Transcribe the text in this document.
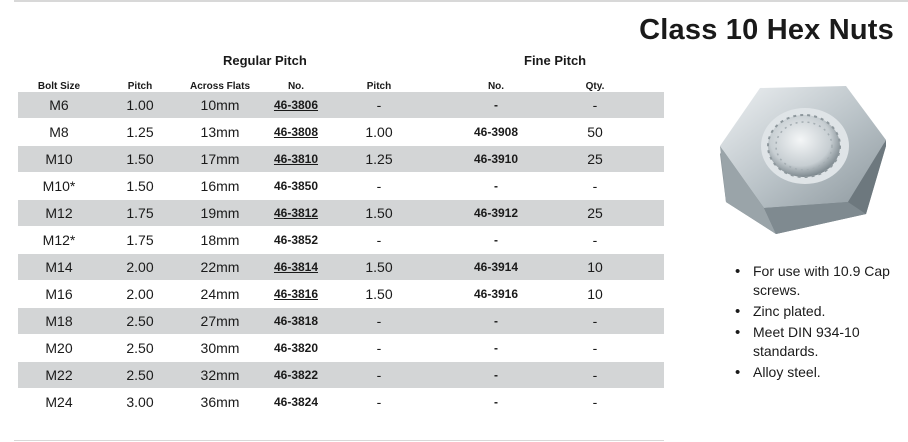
Class 10 Hex Nuts
Regular Pitch	Fine Pitch
Bolt Size	Pitch	Across Flats	No.	Pitch	No.	Qty.
M6	1.00	10mm	46-3806	-	-	-
M8	1.25	13mm	46-3808	1.00	46-3908	50
M10	1.50	17mm	46-3810	1.25	46-3910	25
M10*	1.50	16mm	46-3850	-	-	-
M12	1.75	19mm	46-3812	1.50	46-3912	25
M12*	1.75	18mm	46-3852	-	-	-
M14	2.00	22mm	46-3814	1.50	46-3914	10
M16	2.00	24mm	46-3816	1.50	46-3916	10
M18	2.50	27mm	46-3818	-	-	-
M20	2.50	30mm	46-3820	-	-	-
M22	2.50	32mm	46-3822	-	-	-
M24	3.00	36mm	46-3824	-	-	-
• For use with 10.9 Cap screws.
• Zinc plated.
• Meet DIN 934-10 standards.
• Alloy steel.
